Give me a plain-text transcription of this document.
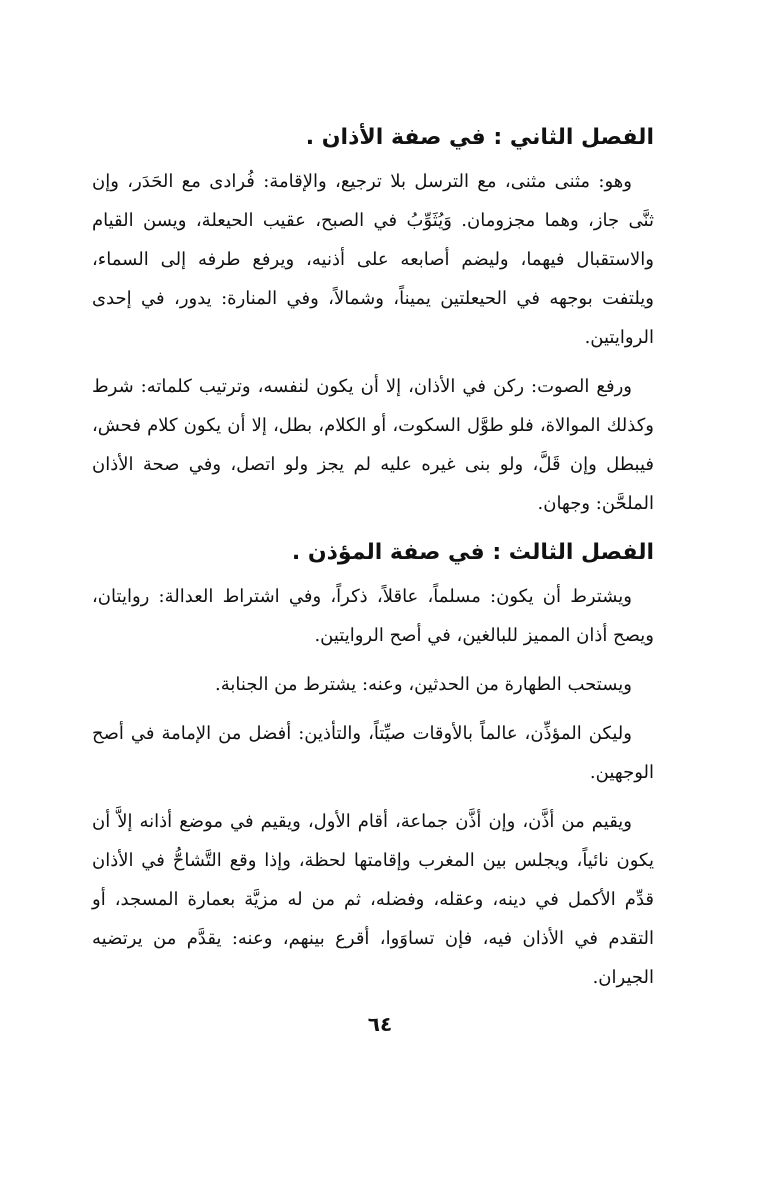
الفصل الثاني : في صفة الأذان .

وهو: مثنى مثنى، مع الترسل بلا ترجيع، والإقامة: فُرادى مع الحَدَر، وإن ثنَّى جاز، وهما مجزومان. وَيُثَوِّبُ في الصبح، عقيب الحيعلة، ويسن القيام والاستقبال فيهما، وليضم أصابعه على أذنيه، ويرفع طرفه إلى السماء، ويلتفت بوجهه في الحيعلتين يميناً، وشمالاً، وفي المنارة: يدور، في إحدى الروايتين.

ورفع الصوت: ركن في الأذان، إلا أن يكون لنفسه، وترتيب كلماته: شرط وكذلك الموالاة، فلو طوَّل السكوت، أو الكلام، بطل، إلا أن يكون كلام فحش، فيبطل وإن قَلَّ، ولو بنى غيره عليه لم يجز ولو اتصل، وفي صحة الأذان الملحَّن: وجهان.

الفصل الثالث : في صفة المؤذن .

ويشترط أن يكون: مسلماً، عاقلاً، ذكراً، وفي اشتراط العدالة: روايتان، ويصح أذان المميز للبالغين، في أصح الروايتين.

ويستحب الطهارة من الحدثين، وعنه: يشترط من الجنابة.

وليكن المؤذِّن، عالماً بالأوقات صيِّتاً، والتأذين: أفضل من الإمامة في أصح الوجهين.

ويقيم من أذَّن، وإن أذَّن جماعة، أقام الأول، ويقيم في موضع أذانه إلاَّ أن يكون نائياً، ويجلس بين المغرب وإقامتها لحظة، وإذا وقع التَّشاحُّ في الأذان قدِّم الأكمل في دينه، وعقله، وفضله، ثم من له مزيَّة بعمارة المسجد، أو التقدم في الأذان فيه، فإن تساوَوا، أقرع بينهم، وعنه: يقدَّم من يرتضيه الجيران.

٦٤
